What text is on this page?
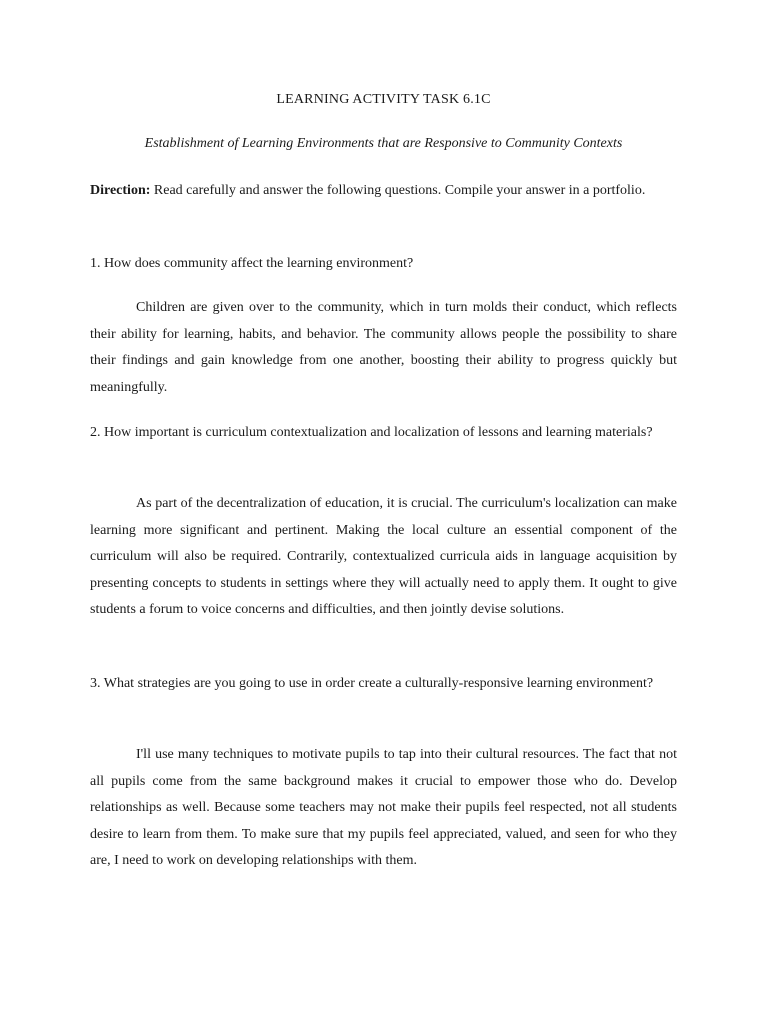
LEARNING ACTIVITY TASK 6.1C

Establishment of Learning Environments that are Responsive to Community Contexts

Direction: Read carefully and answer the following questions. Compile your answer in a portfolio.

1. How does community affect the learning environment?

Children are given over to the community, which in turn molds their conduct, which reflects their ability for learning, habits, and behavior. The community allows people the possibility to share their findings and gain knowledge from one another, boosting their ability to progress quickly but meaningfully.

2. How important is curriculum contextualization and localization of lessons and learning materials?

As part of the decentralization of education, it is crucial. The curriculum's localization can make learning more significant and pertinent. Making the local culture an essential component of the curriculum will also be required. Contrarily, contextualized curricula aids in language acquisition by presenting concepts to students in settings where they will actually need to apply them. It ought to give students a forum to voice concerns and difficulties, and then jointly devise solutions.

3. What strategies are you going to use in order create a culturally-responsive learning environment?

I'll use many techniques to motivate pupils to tap into their cultural resources. The fact that not all pupils come from the same background makes it crucial to empower those who do. Develop relationships as well. Because some teachers may not make their pupils feel respected, not all students desire to learn from them. To make sure that my pupils feel appreciated, valued, and seen for who they are, I need to work on developing relationships with them.
